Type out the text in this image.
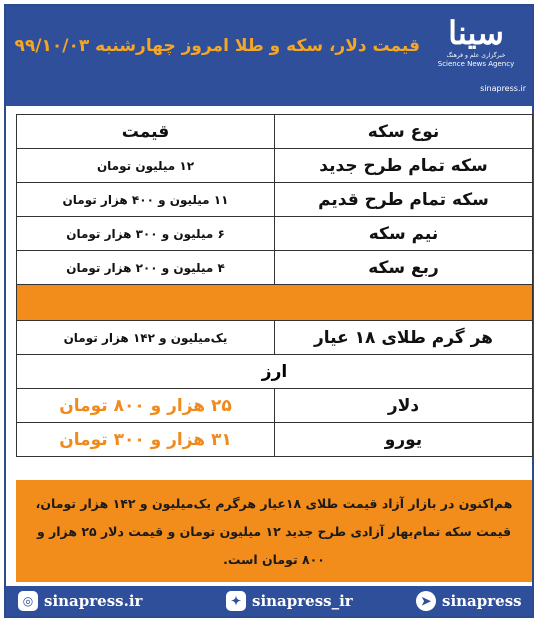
قیمت دلار، سکه و طلا امروز چهارشنبه ۹۹/۱۰/۰۳ سینا
خبرگزاری علم و فرهنگ
Science News Agency
sinapress.ir
قیمت	نوع سکه
۱۲ میلیون تومان	سکه تمام طرح جدید
۱۱ میلیون و ۴۰۰ هزار تومان	سکه تمام طرح قدیم
۶ میلیون و ۳۰۰ هزار تومان	نیم سکه
۴ میلیون و ۲۰۰ هزار تومان	ربع سکه

یک‌میلیون و ۱۴۲ هزار تومان	هر گرم طلای ۱۸ عیار
ارز	
۲۵ هزار و ۸۰۰ تومان	دلار
۳۱ هزار و ۳۰۰ تومان	یورو
هم‌اکنون در بازار آزاد قیمت طلای ۱۸عیار هرگرم یک‌میلیون و ۱۴۲ هزار تومان، قیمت سکه تمام‌بهار آزادی طرح جدید ۱۲ میلیون تومان و قیمت دلار ۲۵ هزار و ۸۰۰ تومان است.
◎ sinapress.ir	✦ sinapress_ir	➤ sinapress
